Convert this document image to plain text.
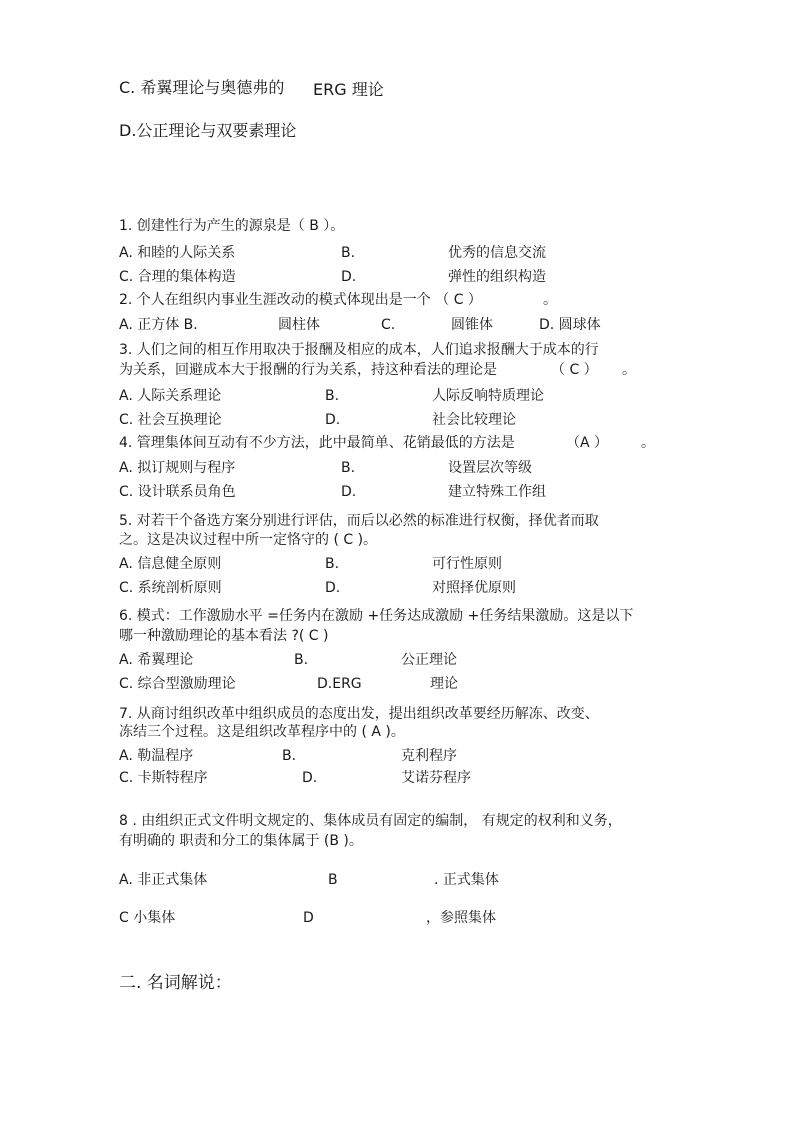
C. 希翼理论与奥德弗的 ERG 理论
D.公正理论与双要素理论
1. 创建性行为产生的源泉是（ B ）。
A. 和睦的人际关系	B.	优秀的信息交流
C. 合理的集体构造	D.	弹性的组织构造
2. 个人在组织内事业生涯改动的模式体现出是一个 （ C ）	。
A. 正方体 B.	圆柱体	C.	圆锥体	D. 圆球体
3. 人们之间的相互作用取决于报酬及相应的成本，人们追求报酬大于成本的行
为关系，回避成本大于报酬的行为关系，持这种看法的理论是	（ C ） 。
A. 人际关系理论	B.	人际反响特质理论
C. 社会互换理论	D.	社会比较理论
4. 管理集体间互动有不少方法，此中最简单、花销最低的方法是	（A ） 。
A. 拟订规则与程序	B.	设置层次等级
C. 设计联系员角色	D.	建立特殊工作组
5. 对若干个备选方案分别进行评估，而后以必然的标准进行权衡，择优者而取
之。这是决议过程中所一定恪守的 ( C )。
A. 信息健全原则	B.	可行性原则
C. 系统剖析原则	D.	对照择优原则
6. 模式：工作激励水平 =任务内在激励 +任务达成激励 +任务结果激励。这是以下
哪一种激励理论的基本看法 ?( C )
A. 希翼理论	B.	公正理论
C. 综合型激励理论	D.ERG	理论
7. 从商讨组织改革中组织成员的态度出发，提出组织改革要经历解冻、改变、
冻结三个过程。这是组织改革程序中的 ( A )。
A. 勒温程序	B.	克利程序
C. 卡斯特程序	D.	艾诺芬程序
8 . 由组织正式文件明文规定的、集体成员有固定的编制， 有规定的权利和义务，
有明确的 职责和分工的集体属于 (B )。
A. 非正式集体	B	. 正式集体
C 小集体	D	，参照集体
二. 名词解说：
